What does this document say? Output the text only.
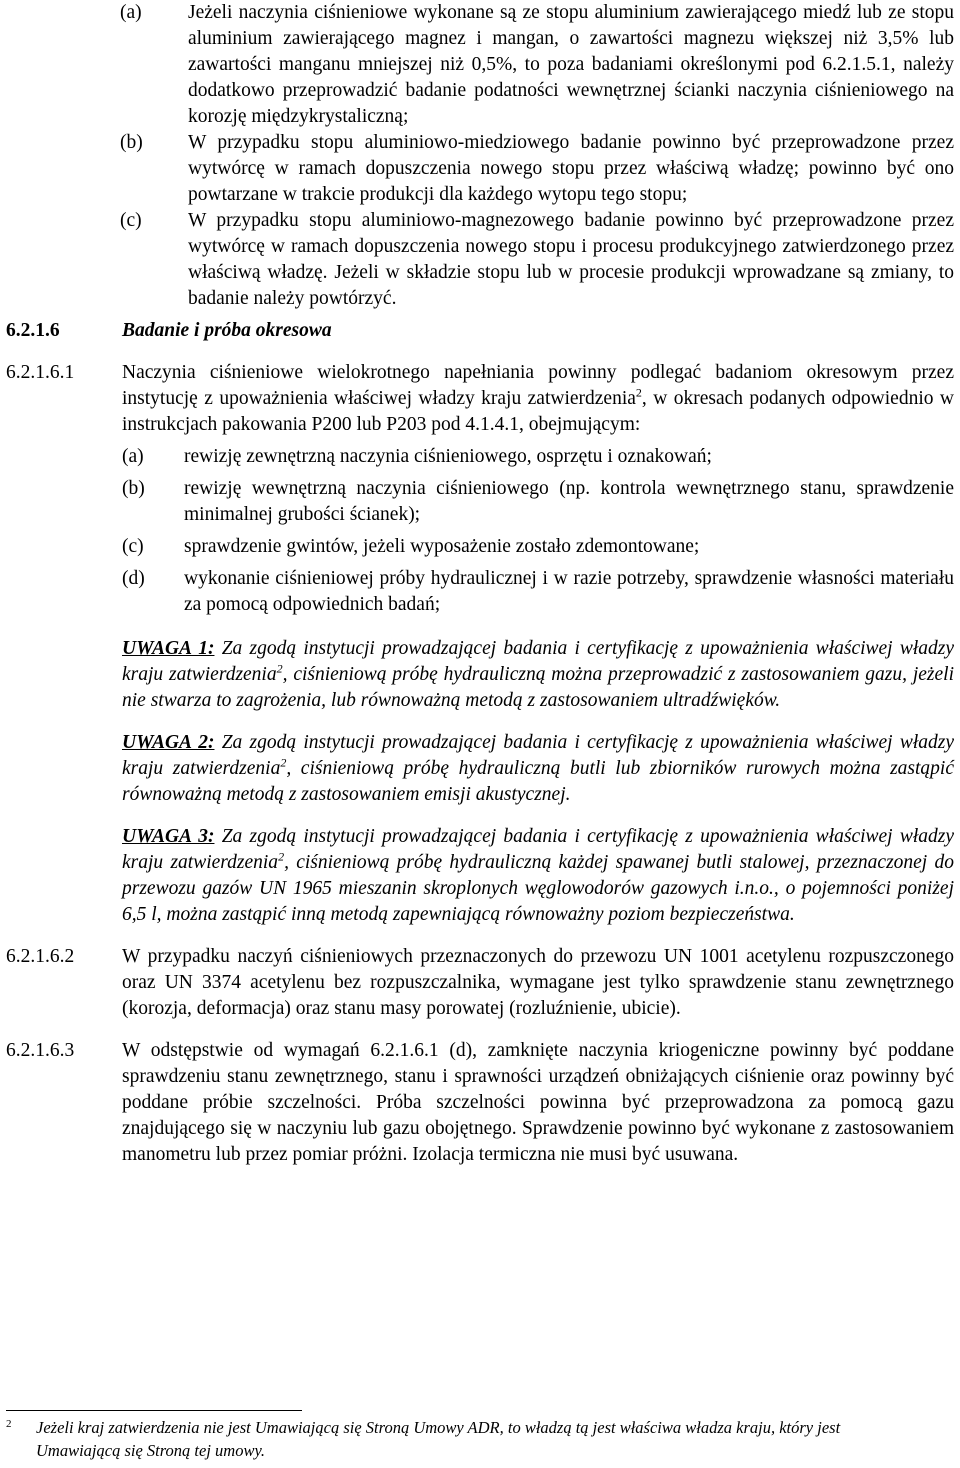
(a)	Jeżeli naczynia ciśnieniowe wykonane są ze stopu aluminium zawierającego miedź lub ze stopu aluminium zawierającego magnez i mangan, o zawartości magnezu większej niż 3,5% lub zawartości manganu mniejszej niż 0,5%, to poza badaniami określonymi pod 6.2.1.5.1, należy dodatkowo przeprowadzić badanie podatności wewnętrznej ścianki naczynia ciśnieniowego na korozję międzykrystaliczną;
(b)	W przypadku stopu aluminiowo-miedziowego badanie powinno być przeprowadzone przez wytwórcę w ramach dopuszczenia nowego stopu przez właściwą władzę; powinno być ono powtarzane w trakcie produkcji dla każdego wytopu tego stopu;
(c)	W przypadku stopu aluminiowo-magnezowego badanie powinno być przeprowadzone przez wytwórcę w ramach dopuszczenia nowego stopu i procesu produkcyjnego zatwierdzonego przez właściwą władzę. Jeżeli w składzie stopu lub w procesie produkcji wprowadzane są zmiany, to badanie należy powtórzyć.
6.2.1.6	Badanie i próba okresowa
6.2.1.6.1	Naczynia ciśnieniowe wielokrotnego napełniania powinny podlegać badaniom okresowym przez instytucję z upoważnienia właściwej władzy kraju zatwierdzenia$^2$, w okresach podanych odpowiednio w instrukcjach pakowania P200 lub P203 pod 4.1.4.1, obejmującym:
(a)	rewizję zewnętrzną naczynia ciśnieniowego, osprzętu i oznakowań;
(b)	rewizję wewnętrzną naczynia ciśnieniowego (np. kontrola wewnętrznego stanu, sprawdzenie minimalnej grubości ścianek);
(c)	sprawdzenie gwintów, jeżeli wyposażenie zostało zdemontowane;
(d)	wykonanie ciśnieniowej próby hydraulicznej i w razie potrzeby, sprawdzenie własności materiału za pomocą odpowiednich badań;
UWAGA 1: Za zgodą instytucji prowadzającej badania i certyfikację z upoważnienia właściwej władzy kraju zatwierdzenia$^2$, ciśnieniową próbę hydrauliczną można przeprowadzić z zastosowaniem gazu, jeżeli nie stwarza to zagrożenia, lub równoważną metodą z zastosowaniem ultradźwięków.
UWAGA 2: Za zgodą instytucji prowadzającej badania i certyfikację z upoważnienia właściwej władzy kraju zatwierdzenia$^2$, ciśnieniową próbę hydrauliczną butli lub zbiorników rurowych można zastąpić równoważną metodą z zastosowaniem emisji akustycznej.
UWAGA 3: Za zgodą instytucji prowadzającej badania i certyfikację z upoważnienia właściwej władzy kraju zatwierdzenia$^2$, ciśnieniową próbę hydrauliczną każdej spawanej butli stalowej, przeznaczonej do przewozu gazów UN 1965 mieszanin skroplonych węglowodorów gazowych i.n.o., o pojemności poniżej 6,5 l, można zastąpić inną metodą zapewniającą równoważny poziom bezpieczeństwa.
6.2.1.6.2	W przypadku naczyń ciśnieniowych przeznaczonych do przewozu UN 1001 acetylenu rozpuszczonego oraz UN 3374 acetylenu bez rozpuszczalnika, wymagane jest tylko sprawdzenie stanu zewnętrznego (korozja, deformacja) oraz stanu masy porowatej (rozluźnienie, ubicie).
6.2.1.6.3	W odstępstwie od wymagań 6.2.1.6.1 (d), zamknięte naczynia kriogeniczne powinny być poddane sprawdzeniu stanu zewnętrznego, stanu i sprawności urządzeń obniżających ciśnienie oraz powinny być poddane próbie szczelności. Próba szczelności powinna być przeprowadzona za pomocą gazu znajdującego się w naczyniu lub gazu obojętnego. Sprawdzenie powinno być wykonane z zastosowaniem manometru lub przez pomiar próżni. Izolacja termiczna nie musi być usuwana.
2	Jeżeli kraj zatwierdzenia nie jest Umawiającą się Stroną Umowy ADR, to władzą tą jest właściwa władza kraju, który jest Umawiającą się Stroną tej umowy.
